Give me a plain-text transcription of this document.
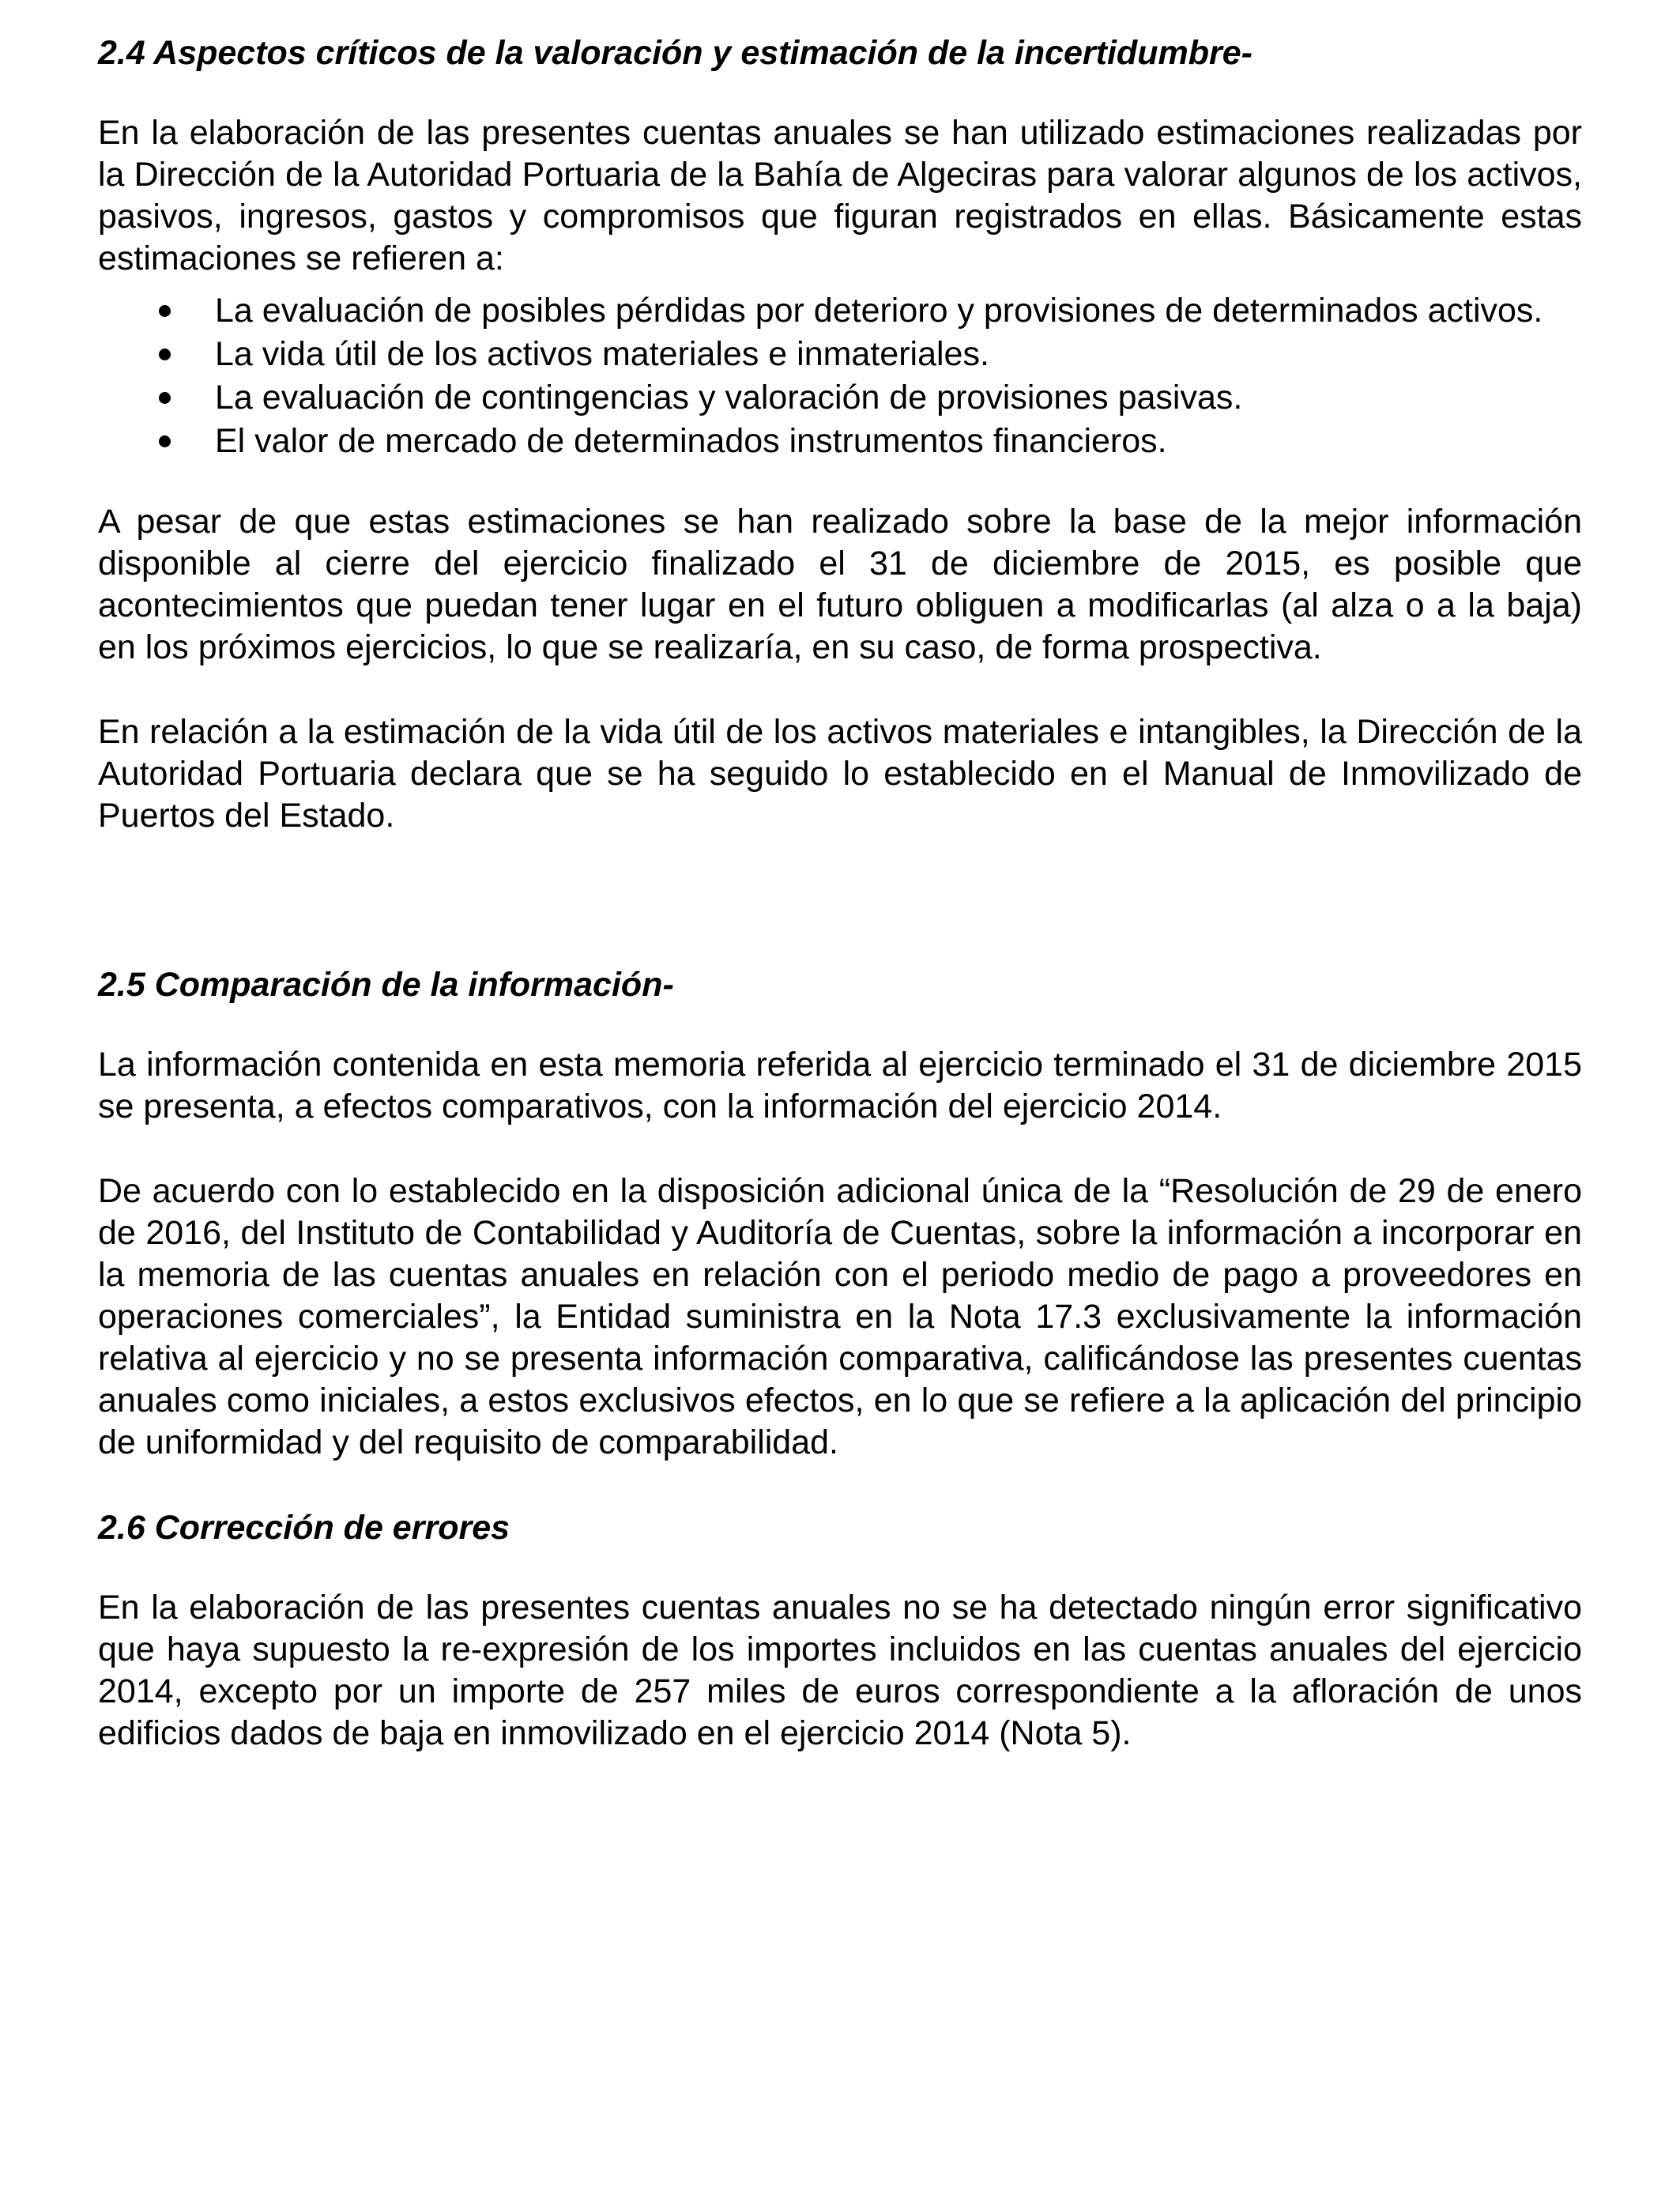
2.4 Aspectos críticos de la valoración y estimación de la incertidumbre-

En la elaboración de las presentes cuentas anuales se han utilizado estimaciones realizadas por la Dirección de la Autoridad Portuaria de la Bahía de Algeciras para valorar algunos de los activos, pasivos, ingresos, gastos y compromisos que figuran registrados en ellas. Básicamente estas estimaciones se refieren a:

La evaluación de posibles pérdidas por deterioro y provisiones de determinados activos.
La vida útil de los activos materiales e inmateriales.
La evaluación de contingencias y valoración de provisiones pasivas.
El valor de mercado de determinados instrumentos financieros.

A pesar de que estas estimaciones se han realizado sobre la base de la mejor información disponible al cierre del ejercicio finalizado el 31 de diciembre de 2015, es posible que acontecimientos que puedan tener lugar en el futuro obliguen a modificarlas (al alza o a la baja) en los próximos ejercicios, lo que se realizaría, en su caso, de forma prospectiva.

En relación a la estimación de la vida útil de los activos materiales e intangibles, la Dirección de la Autoridad Portuaria declara que se ha seguido lo establecido en el Manual de Inmovilizado de Puertos del Estado.

2.5 Comparación de la información-

La información contenida en esta memoria referida al ejercicio terminado el 31 de diciembre 2015 se presenta, a efectos comparativos, con la información del ejercicio 2014.

De acuerdo con lo establecido en la disposición adicional única de la “Resolución de 29 de enero de 2016, del Instituto de Contabilidad y Auditoría de Cuentas, sobre la información a incorporar en la memoria de las cuentas anuales en relación con el periodo medio de pago a proveedores en operaciones comerciales”, la Entidad suministra en la Nota 17.3 exclusivamente la información relativa al ejercicio y no se presenta información comparativa, calificándose las presentes cuentas anuales como iniciales, a estos exclusivos efectos, en lo que se refiere a la aplicación del principio de uniformidad y del requisito de comparabilidad.

2.6 Corrección de errores

En la elaboración de las presentes cuentas anuales no se ha detectado ningún error significativo que haya supuesto la re-expresión de los importes incluidos en las cuentas anuales del ejercicio 2014, excepto por un importe de 257 miles de euros correspondiente a la afloración de unos edificios dados de baja en inmovilizado en el ejercicio 2014 (Nota 5).
